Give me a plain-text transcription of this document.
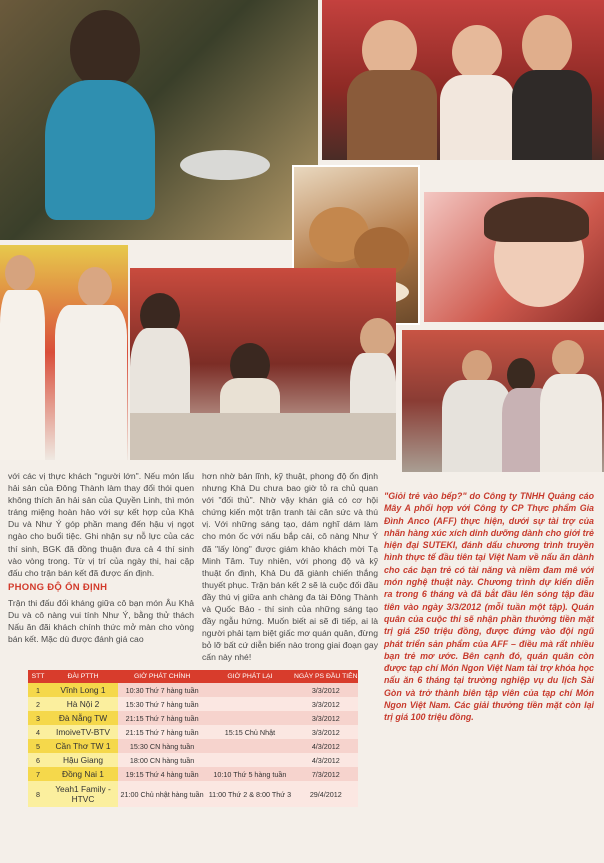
với các vị thực khách "người lớn". Nếu món lẩu hải sản của Đông Thành làm thay đổi thói quen không thích ăn hải sản của Quyền Linh, thì món tráng miệng hoàn hảo với sự kết hợp của Khả Du và Như Ý góp phần mang đến hậu vị ngọt ngào cho buổi tiệc. Ghi nhận sự nỗ lực của các thí sinh, BGK đã đồng thuận đưa cả 4 thí sinh vào vòng trong. Từ vị trí của ngày thi, hai cặp đấu cho trận bán kết đã được ấn định.
PHONG ĐỘ ỔN ĐỊNH
Trận thi đấu đối kháng giữa cô bạn món Âu Khả Du và cô nàng vui tính Như Ý, bằng thử thách Nấu ăn đãi khách chính thức mở màn cho vòng bán kết. Mặc dù được đánh giá cao
hơn nhờ bản lĩnh, kỹ thuật, phong độ ổn định nhưng Khả Du chưa bao giờ tỏ ra chủ quan với "đối thủ". Nhờ vậy khán giả có cơ hội chứng kiến một trận tranh tài cân sức và thú vị. Với những sáng tạo, dám nghĩ dám làm cho món ốc với nấu bắp cải, cô nàng Như Ý đã "lấy lòng" được giám khảo khách mời Tạ Minh Tâm. Tuy nhiên, với phong độ và kỹ thuật ổn định, Khả Du đã giành chiến thắng thuyết phục. Trận bán kết 2 sẽ là cuộc đối đầu đầy thú vị giữa anh chàng đa tài Đông Thành và Quốc Bảo - thí sinh của những sáng tạo đầy ngẫu hứng. Muốn biết ai sẽ đi tiếp, ai là người phải tạm biệt giấc mơ quán quân, đừng bỏ lỡ bất cứ diễn biến nào trong giai đoạn gay cấn này nhé!
"Giỏi trẻ vào bếp?" do Công ty TNHH Quảng cáo Mây A phối hợp với Công ty CP Thực phẩm Gia Đình Anco (AFF) thực hiện, dưới sự tài trợ của nhãn hàng xúc xích dinh dưỡng dành cho giới trẻ hiện đại SUTEKI, đánh dấu chương trình truyền hình thực tế đầu tiên tại Việt Nam về nấu ăn dành cho các bạn trẻ có tài năng và niềm đam mê với món nghệ thuật này. Chương trình dự kiến diễn ra trong 6 tháng và đã bắt đầu lên sóng tập đầu tiên vào ngày 3/3/2012 (mỗi tuần một tập). Quán quân của cuộc thi sẽ nhận phần thưởng tiền mặt trị giá 250 triệu đồng, được đứng vào đội ngũ phát triển sản phẩm của AFF – điều mà rất nhiều bạn trẻ mơ ước. Bên cạnh đó, quán quân còn được tạp chí Món Ngon Việt Nam tài trợ khóa học nấu ăn 6 tháng tại trường nghiệp vụ du lịch Sài Gòn và trở thành biên tập viên của tạp chí Món Ngon Việt Nam. Các giải thưởng tiền mặt còn lại trị giá 100 triệu đồng.
STT	ĐÀI PTTH	GIỜ PHÁT CHÍNH	GIỜ PHÁT LẠI	NGÀY PS ĐẦU TIÊN
1	Vĩnh Long 1	10:30 Thứ 7 hàng tuần		3/3/2012
2	Hà Nội 2	15:30 Thứ 7 hàng tuần		3/3/2012
3	Đà Nẵng TW	21:15 Thứ 7 hàng tuần		3/3/2012
4	ImoiveTV-BTV	21:15 Thứ 7 hàng tuần	15:15 Chủ Nhật	3/3/2012
5	Cần Thơ TW 1	15:30 CN hàng tuần		4/3/2012
6	Hậu Giang	18:00 CN hàng tuần		4/3/2012
7	Đồng Nai 1	19:15 Thứ 4 hàng tuần	10:10 Thứ 5 hàng tuần	7/3/2012
8	Yeah1 Family -HTVC	21:00 Chủ nhật hàng tuần	11:00 Thứ 2 & 8:00 Thứ 3	29/4/2012
